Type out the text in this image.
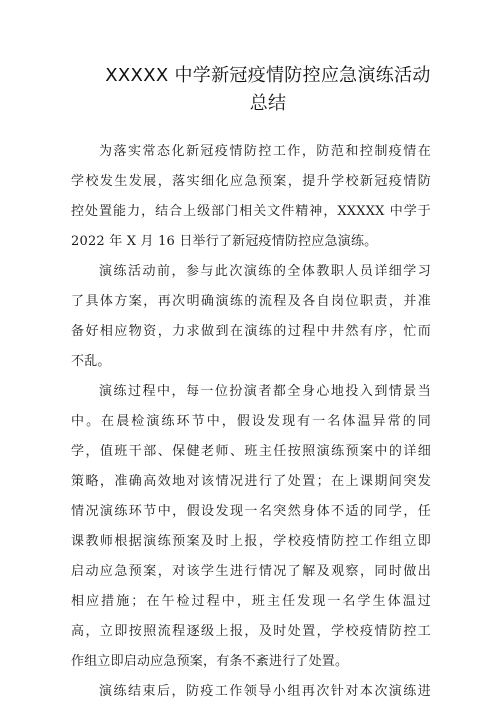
XXXXX 中学新冠疫情防控应急演练活动
总结
为落实常态化新冠疫情防控工作，防范和控制疫情在
学校发生发展，落实细化应急预案，提升学校新冠疫情防
控处置能力，结合上级部门相关文件精神，XXXXX 中学于
2022 年 X 月 16 日举行了新冠疫情防控应急演练。
演练活动前，参与此次演练的全体教职人员详细学习
了具体方案，再次明确演练的流程及各自岗位职责，并准
备好相应物资，力求做到在演练的过程中井然有序，忙而
不乱。
演练过程中，每一位扮演者都全身心地投入到情景当
中。在晨检演练环节中，假设发现有一名体温异常的同
学，值班干部、保健老师、班主任按照演练预案中的详细
策略，准确高效地对该情况进行了处置；在上课期间突发
情况演练环节中，假设发现一名突然身体不适的同学，任
课教师根据演练预案及时上报，学校疫情防控工作组立即
启动应急预案，对该学生进行情况了解及观察，同时做出
相应措施；在午检过程中，班主任发现一名学生体温过
高，立即按照流程逐级上报，及时处置，学校疫情防控工
作组立即启动应急预案，有条不紊进行了处置。
演练结束后，防疫工作领导小组再次针对本次演练进
